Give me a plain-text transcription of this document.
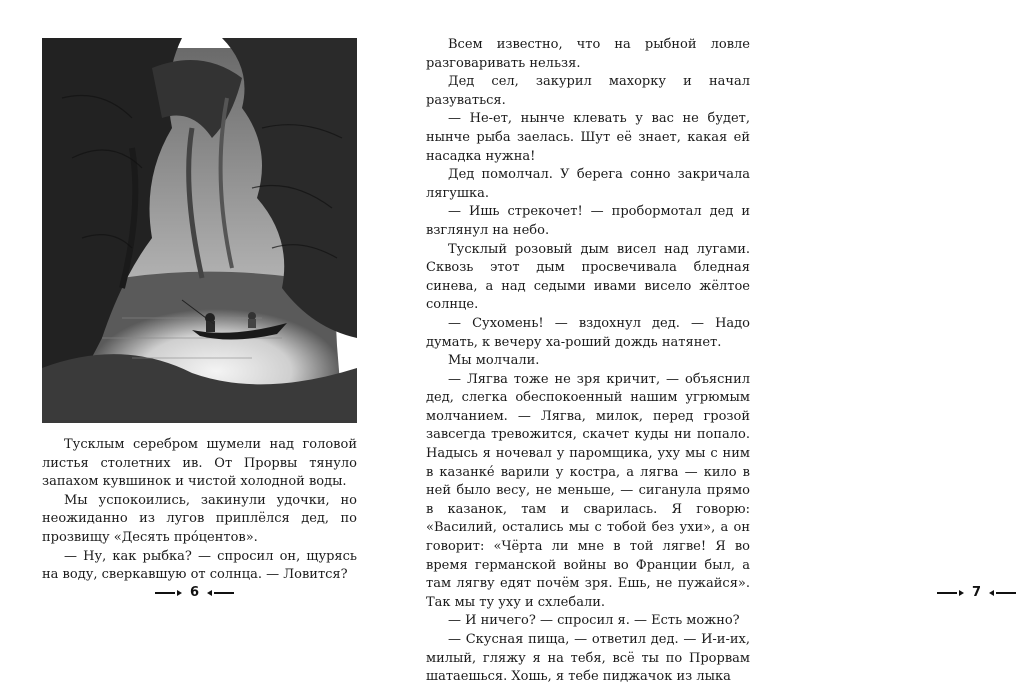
Тусклым серебром шумели над головой листья столетних ив. От Прорвы тянуло запахом кувшинок и чистой холодной воды.

Мы успокоились, закинули удочки, но неожиданно из лугов приплёлся дед, по прозвищу «Десять прóцентов».

— Ну, как рыбка? — спросил он, щурясь на воду, сверкавшую от солнца. — Ловится?

6

Всем известно, что на рыбной ловле разговаривать нельзя.

Дед сел, закурил махорку и начал разуваться.

— Не-ет, нынче клевать у вас не будет, нынче рыба заелась. Шут её знает, какая ей насадка нужна!

Дед помолчал. У берега сонно закричала лягушка.

— Ишь стрекочет! — пробормотал дед и взглянул на небо.

Тусклый розовый дым висел над лугами. Сквозь этот дым просвечивала бледная синева, а над седыми ивами висело жёлтое солнце.

— Сухомень! — вздохнул дед. — Надо думать, к вечеру ха-роший дождь натянет.

Мы молчали.

— Лягва тоже не зря кричит, — объяснил дед, слегка обеспокоенный нашим угрюмым молчанием. — Лягва, милок, перед грозой завсегда тревожится, скачет куды ни попало. Надысь я ночевал у паромщика, уху мы с ним в казанкé варили у костра, а лягва — кило в ней было весу, не меньше, — сиганула прямо в казанок, там и сварилась. Я говорю: «Василий, остались мы с тобой без ухи», а он говорит: «Чёрта ли мне в той лягве! Я во время германской войны во Франции был, а там лягву едят почём зря. Ешь, не пужайся». Так мы ту уху и схлебали.

— И ничего? — спросил я. — Есть можно?

— Скусная пища, — ответил дед. — И-и-их, милый, гляжу я на тебя, всё ты по Прорвам шатаешься. Хошь, я тебе пиджачок из лыка

7
